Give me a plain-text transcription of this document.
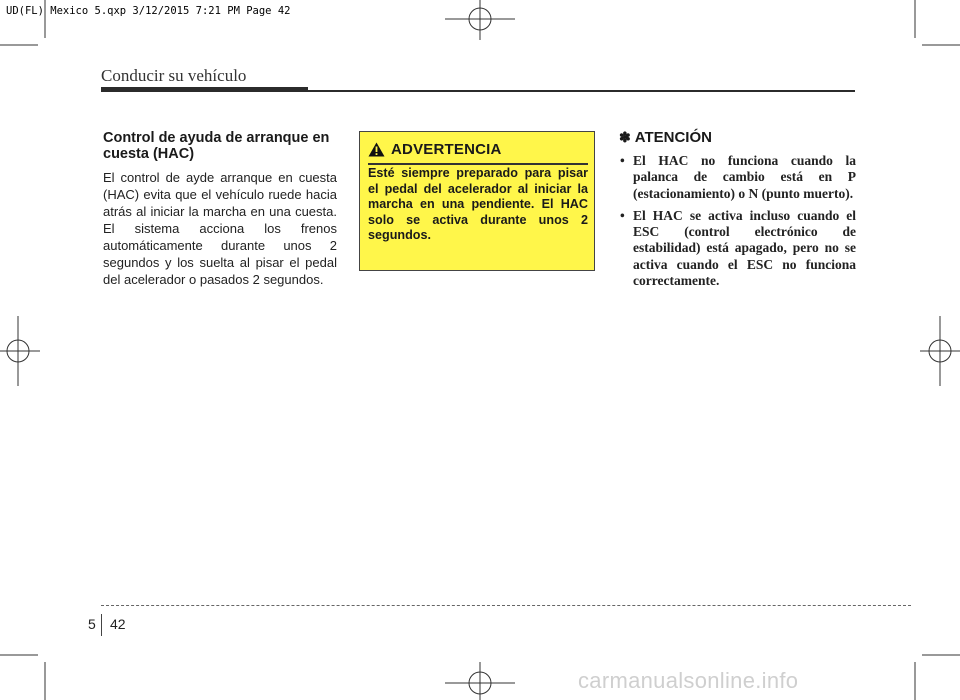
UD(FL) Mexico 5.qxp 3/12/2015 7:21 PM Page 42
Conducir su vehículo
Control de ayuda de arranque en cuesta (HAC)

El control de ayde arranque en cuesta (HAC) evita que el vehículo ruede hacia atrás al iniciar la marcha en una cuesta. El sistema acciona los frenos automáticamente durante unos 2 segundos y los suelta al pisar el pedal del acelerador o pasados 2 segundos.

ADVERTENCIA
Esté siempre preparado para pisar el pedal del acelerador al iniciar la marcha en una pendiente. El HAC solo se activa durante unos 2 segundos.
✽ ATENCIÓN
• El HAC no funciona cuando la palanca de cambio está en P (estacionamiento) o N (punto muerto).
• El HAC se activa incluso cuando el ESC (control electrónico de estabilidad) está apagado, pero no se activa cuando el ESC no funciona correctamente.
5 42
carmanualsonline.info
